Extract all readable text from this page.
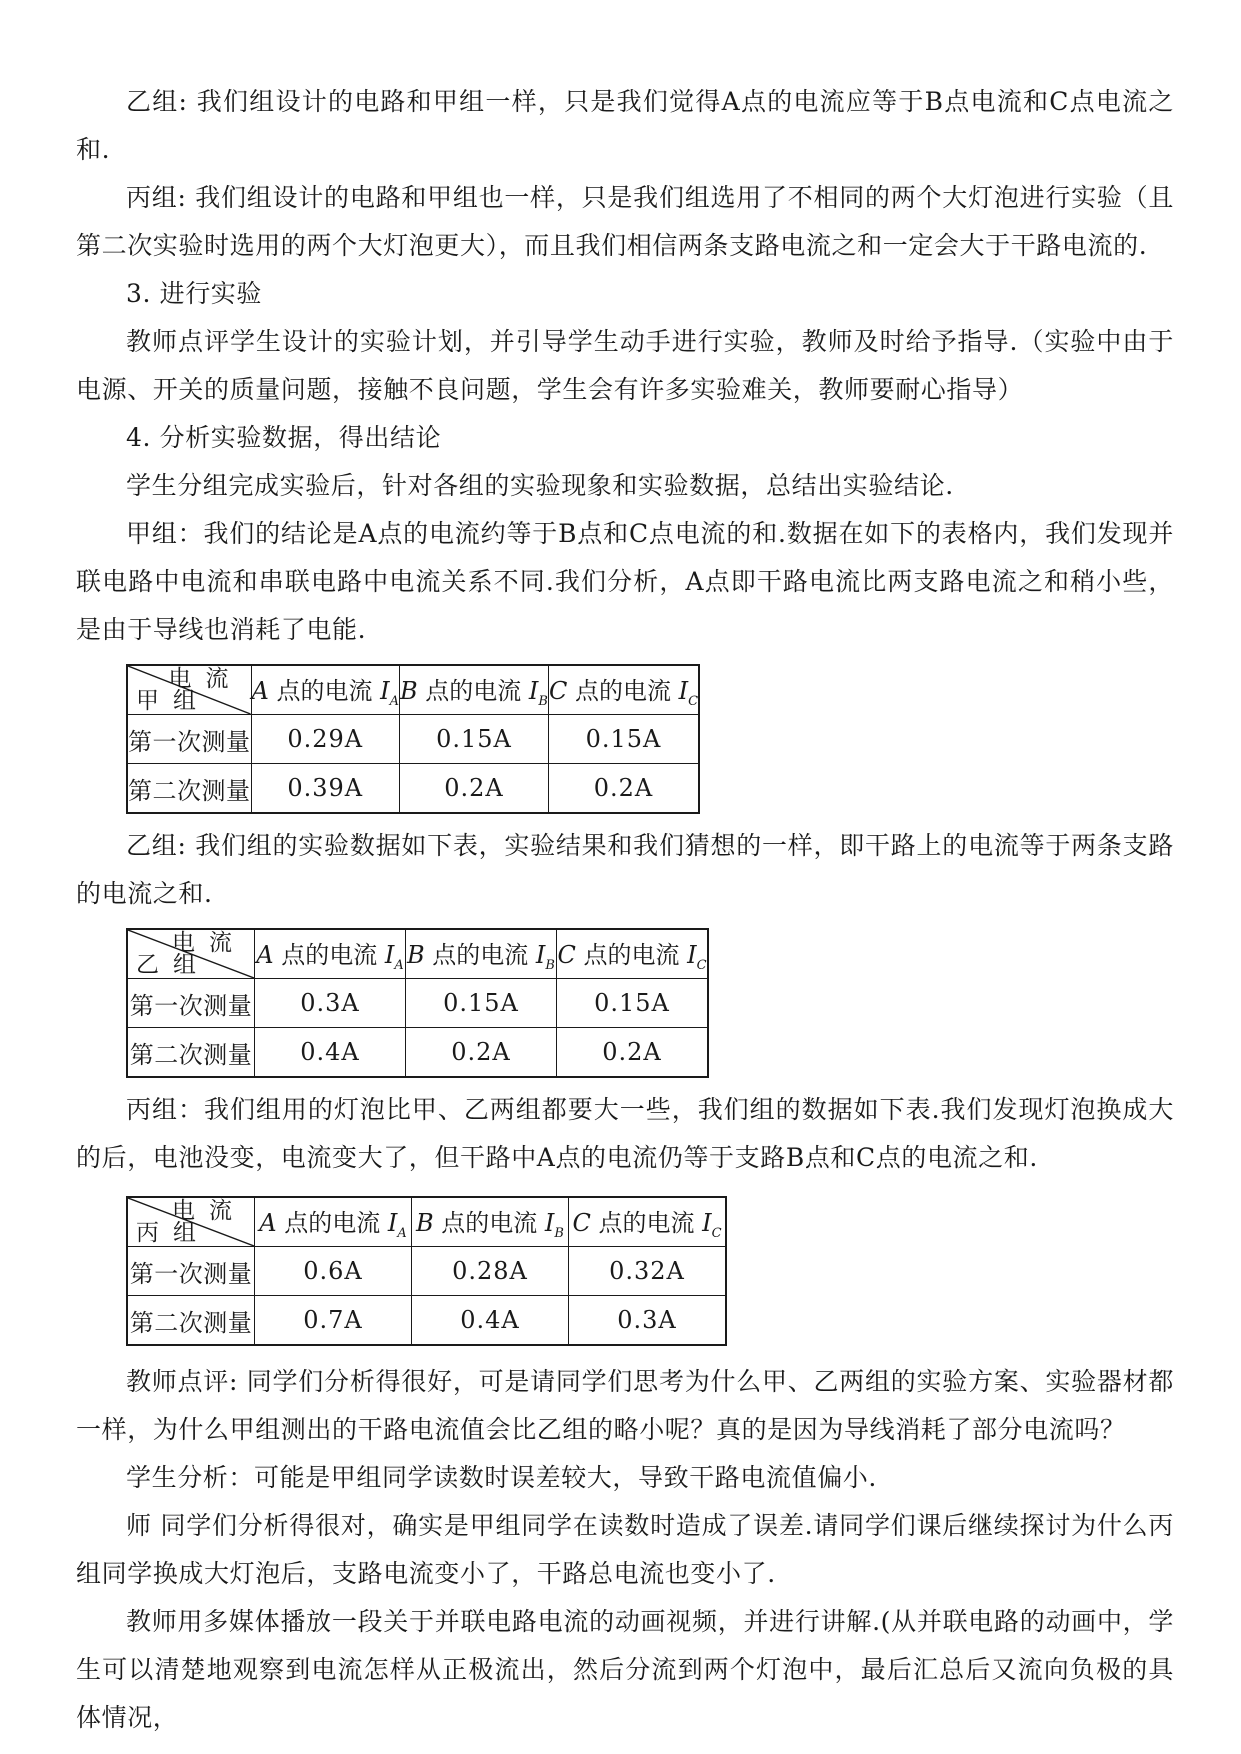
乙组: 我们组设计的电路和甲组一样，只是我们觉得A点的电流应等于B点电流和C点电流之和.

丙组: 我们组设计的电路和甲组也一样，只是我们组选用了不相同的两个大灯泡进行实验（且第二次实验时选用的两个大灯泡更大），而且我们相信两条支路电流之和一定会大于干路电流的.

3. 进行实验

教师点评学生设计的实验计划，并引导学生动手进行实验，教师及时给予指导.（实验中由于电源、开关的质量问题，接触不良问题，学生会有许多实验难关，教师要耐心指导）

4. 分析实验数据，得出结论

学生分组完成实验后，针对各组的实验现象和实验数据，总结出实验结论.

甲组：我们的结论是A点的电流约等于B点和C点电流的和.数据在如下的表格内，我们发现并联电路中电流和串联电路中电流关系不同.我们分析，A点即干路电流比两支路电流之和稍小些，是由于导线也消耗了电能.

电流
甲组	A 点的电流 $I_A$	B 点的电流 $I_B$	C 点的电流 $I_C$
第一次测量	0.29A	0.15A	0.15A
第二次测量	0.39A	0.2A	0.2A

乙组: 我们组的实验数据如下表，实验结果和我们猜想的一样，即干路上的电流等于两条支路的电流之和.

电流
乙组	A 点的电流 $I_A$	B 点的电流 $I_B$	C 点的电流 $I_C$
第一次测量	0.3A	0.15A	0.15A
第二次测量	0.4A	0.2A	0.2A

丙组：我们组用的灯泡比甲、乙两组都要大一些，我们组的数据如下表.我们发现灯泡换成大的后，电池没变，电流变大了，但干路中A点的电流仍等于支路B点和C点的电流之和.

电流
丙组	A 点的电流 $I_A$	B 点的电流 $I_B$	C 点的电流 $I_C$
第一次测量	0.6A	0.28A	0.32A
第二次测量	0.7A	0.4A	0.3A

教师点评: 同学们分析得很好，可是请同学们思考为什么甲、乙两组的实验方案、实验器材都一样，为什么甲组测出的干路电流值会比乙组的略小呢？真的是因为导线消耗了部分电流吗？

学生分析：可能是甲组同学读数时误差较大，导致干路电流值偏小.

师 同学们分析得很对，确实是甲组同学在读数时造成了误差.请同学们课后继续探讨为什么丙组同学换成大灯泡后，支路电流变小了，干路总电流也变小了.

教师用多媒体播放一段关于并联电路电流的动画视频，并进行讲解.(从并联电路的动画中，学生可以清楚地观察到电流怎样从正极流出，然后分流到两个灯泡中，最后汇总后又流向负极的具体情况，
